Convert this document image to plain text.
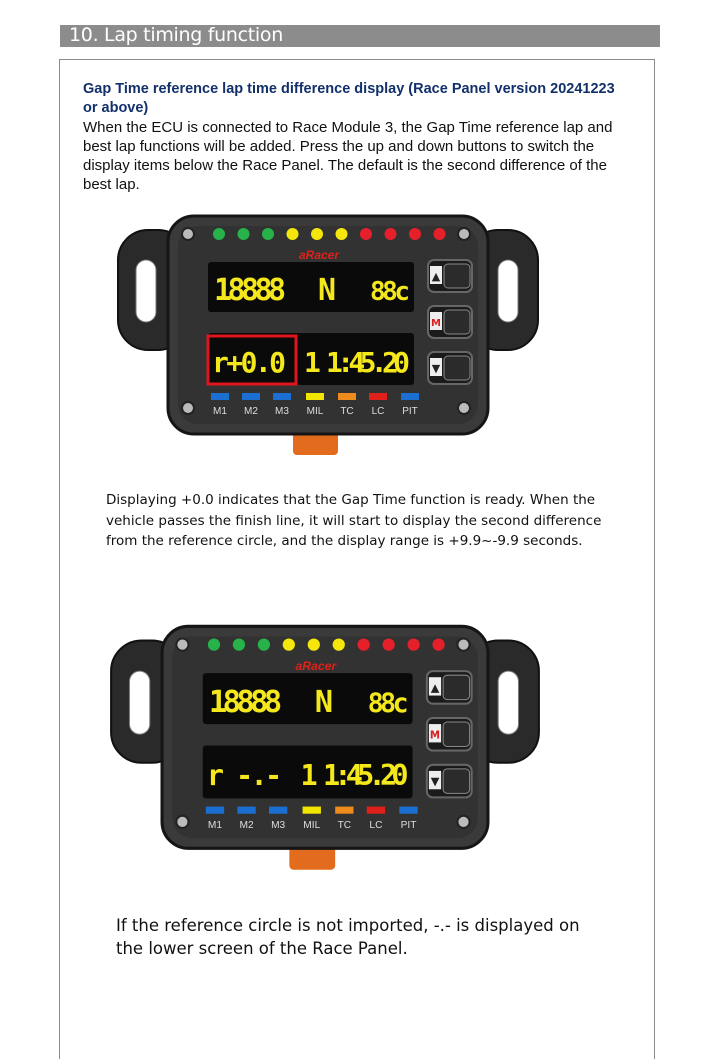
10. Lap timing function
Gap Time reference lap time difference display (Race Panel version 20241223 or above)
When the ECU is connected to Race Module 3, the Gap Time reference lap and best lap functions will be added. Press the up and down buttons to switch the display items below the Race Panel. The default is the second difference of the best lap.
aRacer
18888 N 88c
r+0.0 1 1:45.20
▲
M
▼
M1 M2 M3 MIL TC LC PIT
Displaying +0.0 indicates that the Gap Time function is ready. When the vehicle passes the finish line, it will start to display the second difference from the reference circle, and the display range is +9.9~-9.9 seconds.
aRacer
18888 N 88c
r -.- 1 1:45.20
▲
M
▼
M1 M2 M3 MIL TC LC PIT
If the reference circle is not imported, -.- is displayed on the lower screen of the Race Panel.
